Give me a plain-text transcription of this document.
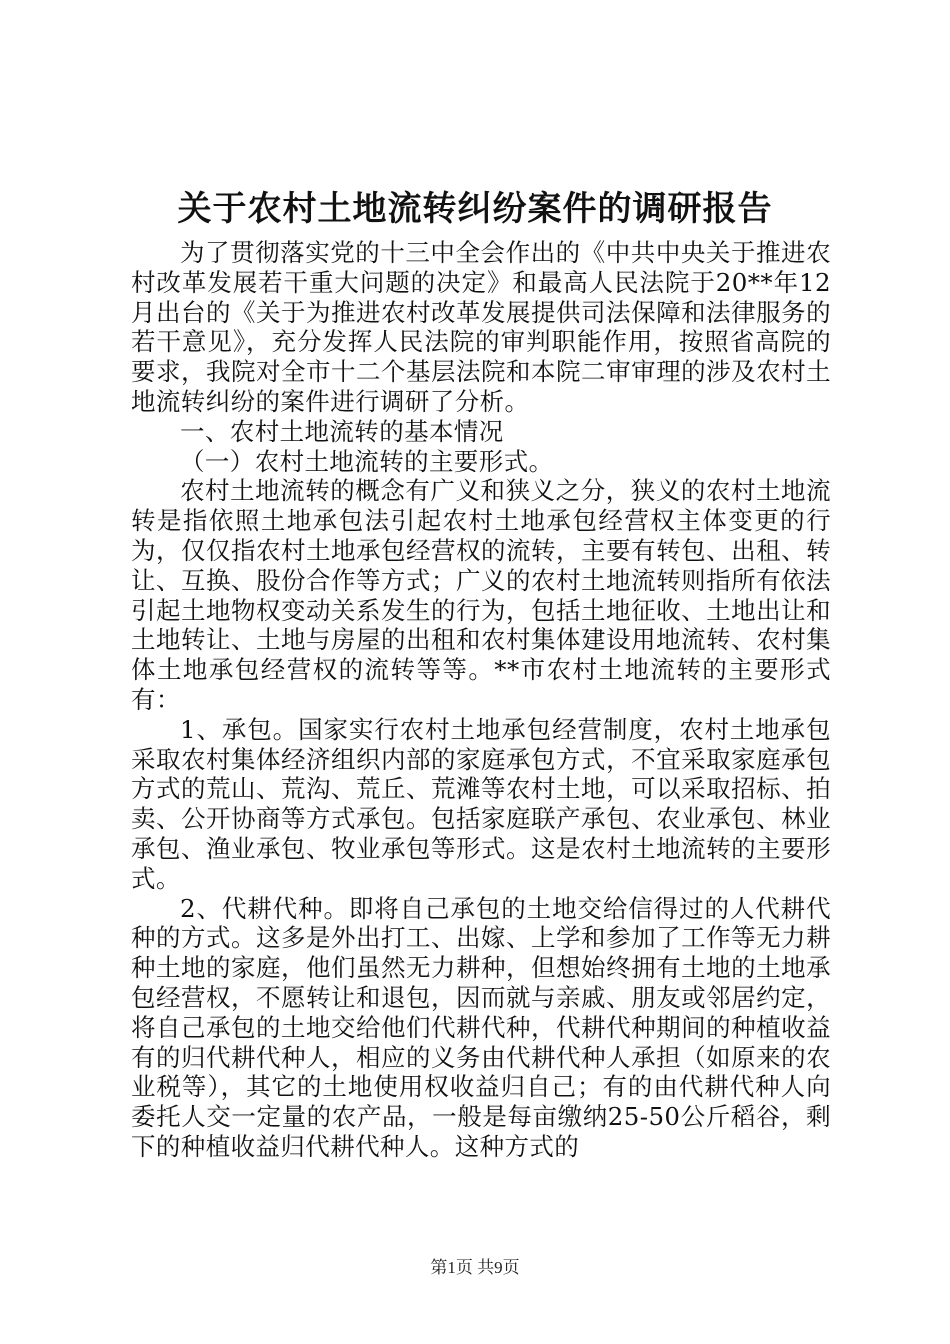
关于农村土地流转纠纷案件的调研报告

为了贯彻落实党的十三中全会作出的《中共中央关于推进农村改革发展若干重大问题的决定》和最高人民法院于20**年12月出台的《关于为推进农村改革发展提供司法保障和法律服务的若干意见》，充分发挥人民法院的审判职能作用，按照省高院的要求，我院对全市十二个基层法院和本院二审审理的涉及农村土地流转纠纷的案件进行调研了分析。

一、农村土地流转的基本情况

（一）农村土地流转的主要形式。

农村土地流转的概念有广义和狭义之分，狭义的农村土地流转是指依照土地承包法引起农村土地承包经营权主体变更的行为，仅仅指农村土地承包经营权的流转，主要有转包、出租、转让、互换、股份合作等方式；广义的农村土地流转则指所有依法引起土地物权变动关系发生的行为，包括土地征收、土地出让和土地转让、土地与房屋的出租和农村集体建设用地流转、农村集体土地承包经营权的流转等等。**市农村土地流转的主要形式有：

1、承包。国家实行农村土地承包经营制度，农村土地承包采取农村集体经济组织内部的家庭承包方式，不宜采取家庭承包方式的荒山、荒沟、荒丘、荒滩等农村土地，可以采取招标、拍卖、公开协商等方式承包。包括家庭联产承包、农业承包、林业承包、渔业承包、牧业承包等形式。这是农村土地流转的主要形式。

2、代耕代种。即将自己承包的土地交给信得过的人代耕代种的方式。这多是外出打工、出嫁、上学和参加了工作等无力耕种土地的家庭，他们虽然无力耕种，但想始终拥有土地的土地承包经营权，不愿转让和退包，因而就与亲戚、朋友或邻居约定，将自己承包的土地交给他们代耕代种，代耕代种期间的种植收益有的归代耕代种人，相应的义务由代耕代种人承担（如原来的农业税等），其它的土地使用权收益归自己；有的由代耕代种人向委托人交一定量的农产品，一般是每亩缴纳25-50公斤稻谷，剩下的种植收益归代耕代种人。这种方式的

第1页 共9页
